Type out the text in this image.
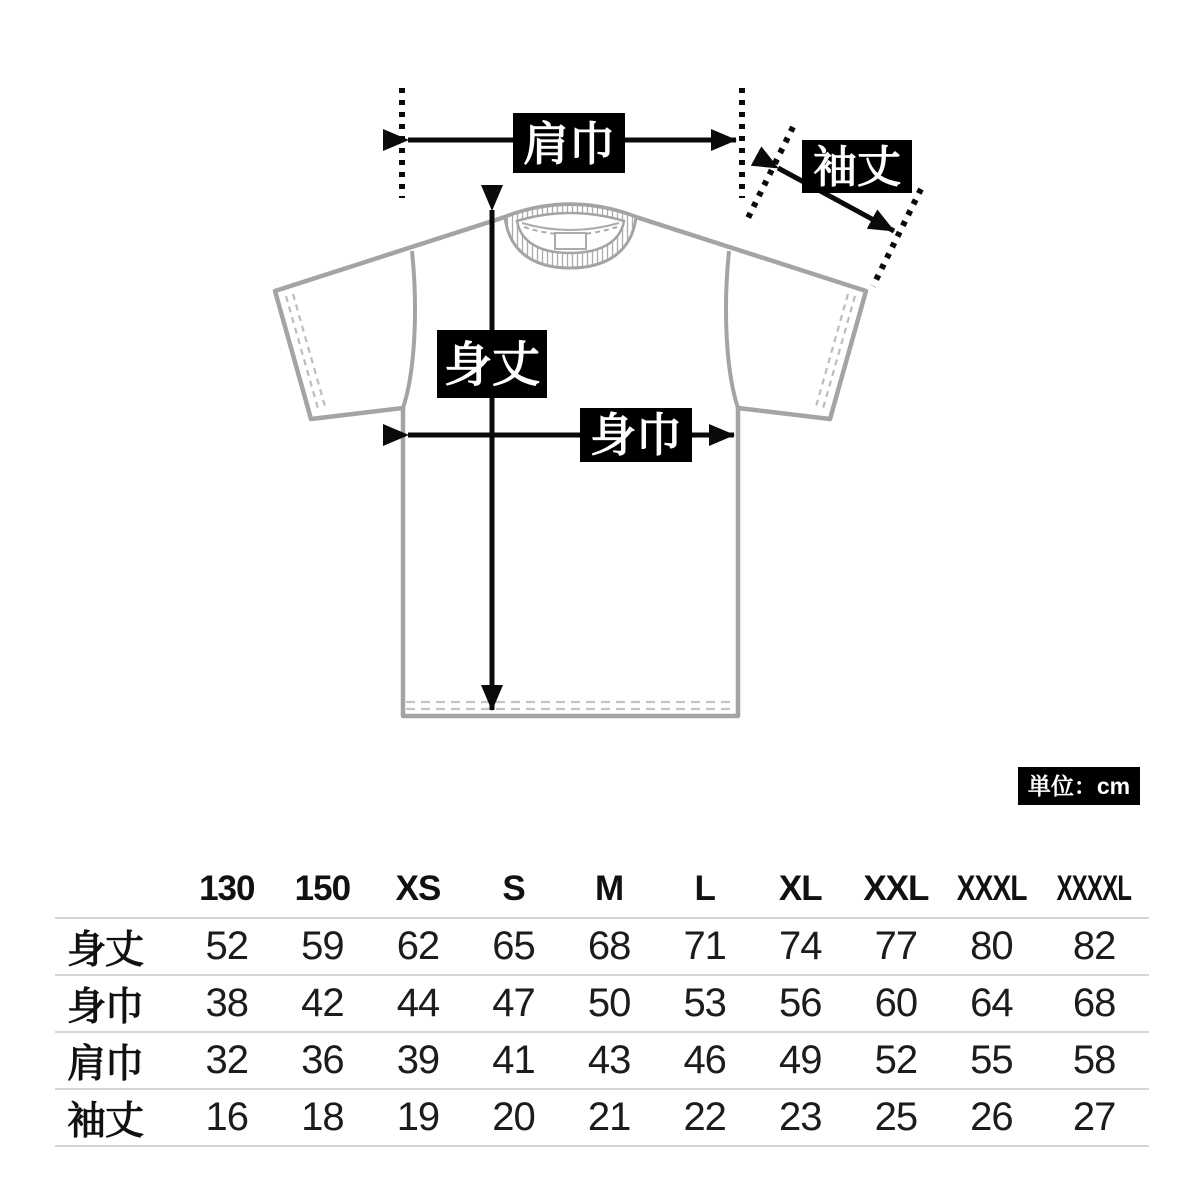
肩巾	袖丈
身丈
身巾
単位：cm
130 150 XS S M L XL XXL XXXL XXXXL
身丈 52 59 62 65 68 71 74 77 80 82
身巾 38 42 44 47 50 53 56 60 64 68
肩巾 32 36 39 41 43 46 49 52 55 58
袖丈 16 18 19 20 21 22 23 25 26 27
